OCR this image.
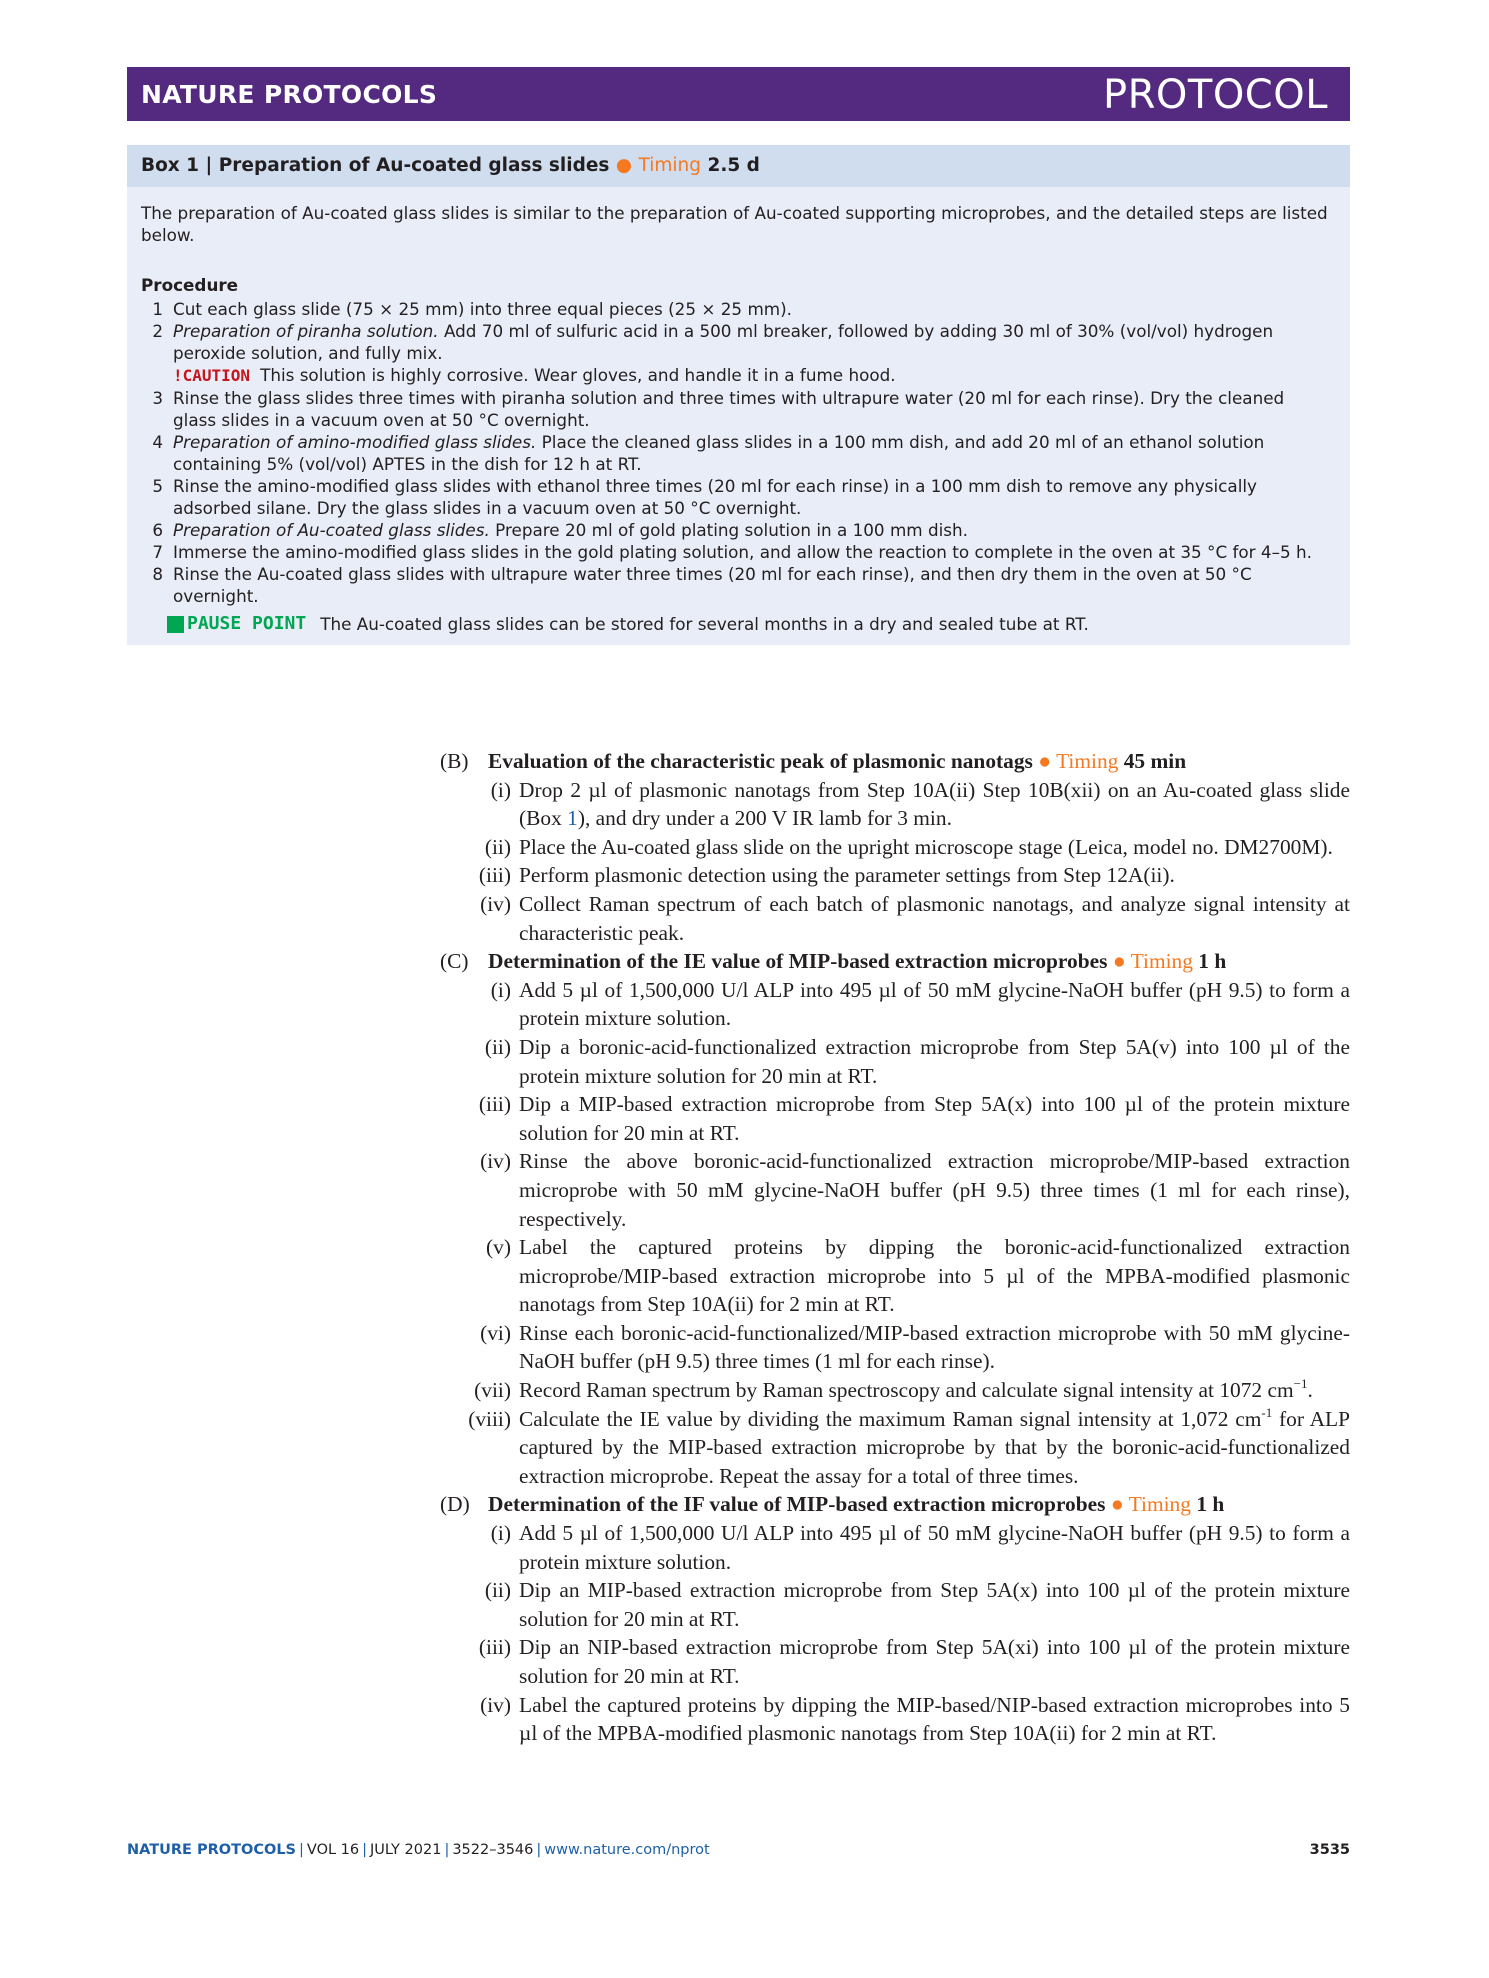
NATURE PROTOCOLS	PROTOCOL
Box 1 | Preparation of Au-coated glass slides ● Timing 2.5 d
The preparation of Au-coated glass slides is similar to the preparation of Au-coated supporting microprobes, and the detailed steps are listed below.
Procedure
1 Cut each glass slide (75 × 25 mm) into three equal pieces (25 × 25 mm).
2 Preparation of piranha solution. Add 70 ml of sulfuric acid in a 500 ml breaker, followed by adding 30 ml of 30% (vol/vol) hydrogen peroxide solution, and fully mix.
!CAUTION This solution is highly corrosive. Wear gloves, and handle it in a fume hood.
3 Rinse the glass slides three times with piranha solution and three times with ultrapure water (20 ml for each rinse). Dry the cleaned glass slides in a vacuum oven at 50 °C overnight.
4 Preparation of amino-modified glass slides. Place the cleaned glass slides in a 100 mm dish, and add 20 ml of an ethanol solution containing 5% (vol/vol) APTES in the dish for 12 h at RT.
5 Rinse the amino-modified glass slides with ethanol three times (20 ml for each rinse) in a 100 mm dish to remove any physically adsorbed silane. Dry the glass slides in a vacuum oven at 50 °C overnight.
6 Preparation of Au-coated glass slides. Prepare 20 ml of gold plating solution in a 100 mm dish.
7 Immerse the amino-modified glass slides in the gold plating solution, and allow the reaction to complete in the oven at 35 °C for 4–5 h.
8 Rinse the Au-coated glass slides with ultrapure water three times (20 ml for each rinse), and then dry them in the oven at 50 °C overnight.
PAUSE POINT The Au-coated glass slides can be stored for several months in a dry and sealed tube at RT.
(B) Evaluation of the characteristic peak of plasmonic nanotags ● Timing 45 min
(i) Drop 2 µl of plasmonic nanotags from Step 10A(ii) Step 10B(xii) on an Au-coated glass slide (Box 1), and dry under a 200 V IR lamb for 3 min.
(ii) Place the Au-coated glass slide on the upright microscope stage (Leica, model no. DM2700M).
(iii) Perform plasmonic detection using the parameter settings from Step 12A(ii).
(iv) Collect Raman spectrum of each batch of plasmonic nanotags, and analyze signal intensity at characteristic peak.
(C) Determination of the IE value of MIP-based extraction microprobes ● Timing 1 h
(i) Add 5 µl of 1,500,000 U/l ALP into 495 µl of 50 mM glycine-NaOH buffer (pH 9.5) to form a protein mixture solution.
(ii) Dip a boronic-acid-functionalized extraction microprobe from Step 5A(v) into 100 µl of the protein mixture solution for 20 min at RT.
(iii) Dip a MIP-based extraction microprobe from Step 5A(x) into 100 µl of the protein mixture solution for 20 min at RT.
(iv) Rinse the above boronic-acid-functionalized extraction microprobe/MIP-based extraction microprobe with 50 mM glycine-NaOH buffer (pH 9.5) three times (1 ml for each rinse), respectively.
(v) Label the captured proteins by dipping the boronic-acid-functionalized extraction microprobe/MIP-based extraction microprobe into 5 µl of the MPBA-modified plasmonic nanotags from Step 10A(ii) for 2 min at RT.
(vi) Rinse each boronic-acid-functionalized/MIP-based extraction microprobe with 50 mM glycine-NaOH buffer (pH 9.5) three times (1 ml for each rinse).
(vii) Record Raman spectrum by Raman spectroscopy and calculate signal intensity at 1072 $cm^{-1}$.
(viii) Calculate the IE value by dividing the maximum Raman signal intensity at 1,072 $cm^{-1}$ for ALP captured by the MIP-based extraction microprobe by that by the boronic-acid-functionalized extraction microprobe. Repeat the assay for a total of three times.
(D) Determination of the IF value of MIP-based extraction microprobes ● Timing 1 h
(i) Add 5 µl of 1,500,000 U/l ALP into 495 µl of 50 mM glycine-NaOH buffer (pH 9.5) to form a protein mixture solution.
(ii) Dip an MIP-based extraction microprobe from Step 5A(x) into 100 µl of the protein mixture solution for 20 min at RT.
(iii) Dip an NIP-based extraction microprobe from Step 5A(xi) into 100 µl of the protein mixture solution for 20 min at RT.
(iv) Label the captured proteins by dipping the MIP-based/NIP-based extraction microprobes into 5 µl of the MPBA-modified plasmonic nanotags from Step 10A(ii) for 2 min at RT.
NATURE PROTOCOLS | VOL 16 | JULY 2021 | 3522–3546 | www.nature.com/nprot	3535
